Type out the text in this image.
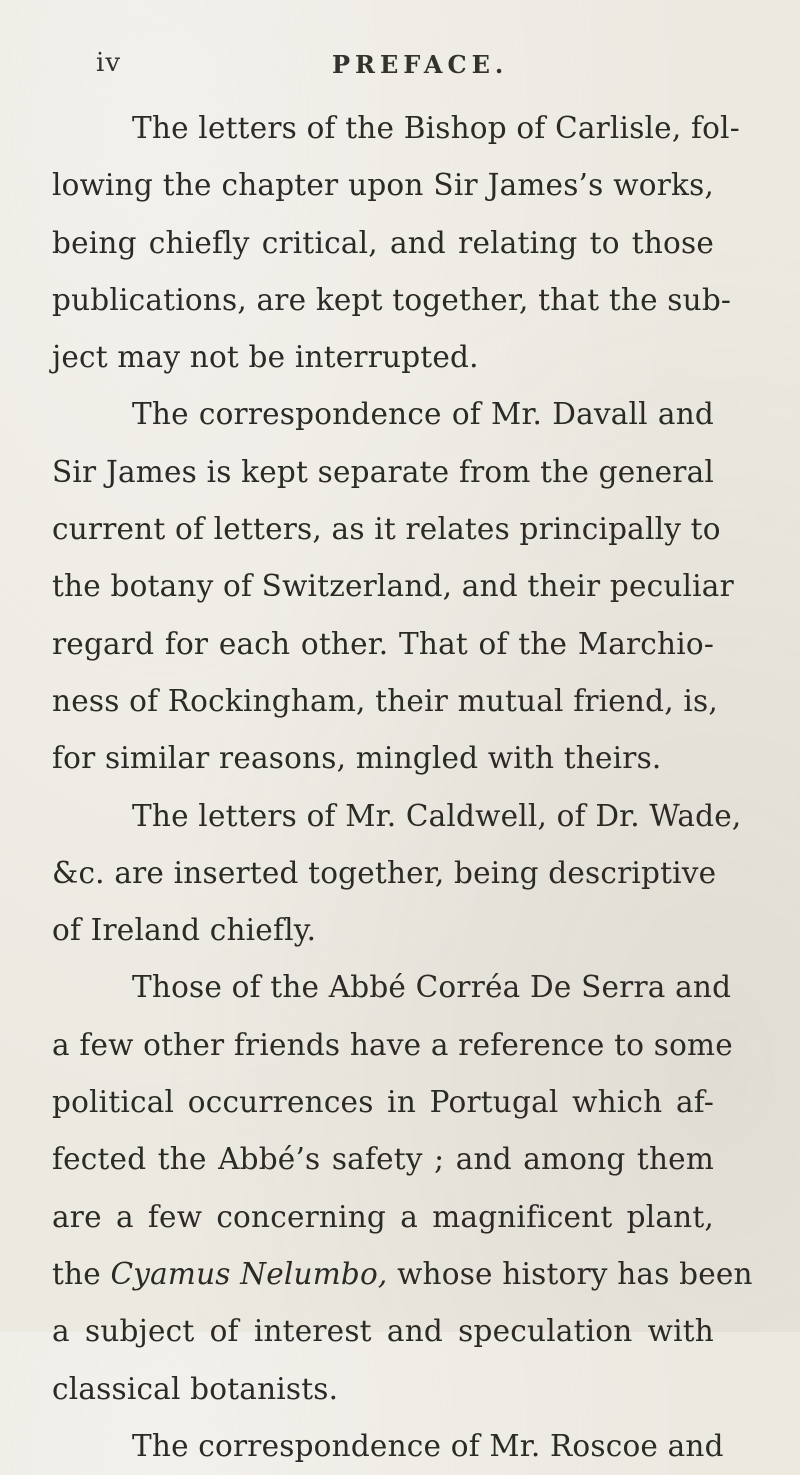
iv	PREFACE.
The letters of the Bishop of Carlisle, fol-
lowing the chapter upon Sir James’s works,
being chiefly critical, and relating to those
publications, are kept together, that the sub-
ject may not be interrupted.
The correspondence of Mr. Davall and
Sir James is kept separate from the general
current of letters, as it relates principally to
the botany of Switzerland, and their peculiar
regard for each other. That of the Marchio-
ness of Rockingham, their mutual friend, is,
for similar reasons, mingled with theirs.
The letters of Mr. Caldwell, of Dr. Wade,
&c. are inserted together, being descriptive
of Ireland chiefly.
Those of the Abbé Corréa De Serra and
a few other friends have a reference to some
political occurrences in Portugal which af-
fected the Abbé’s safety ; and among them
are a few concerning a magnificent plant,
the Cyamus Nelumbo, whose history has been
a subject of interest and speculation with
classical botanists.
The correspondence of Mr. Roscoe and
